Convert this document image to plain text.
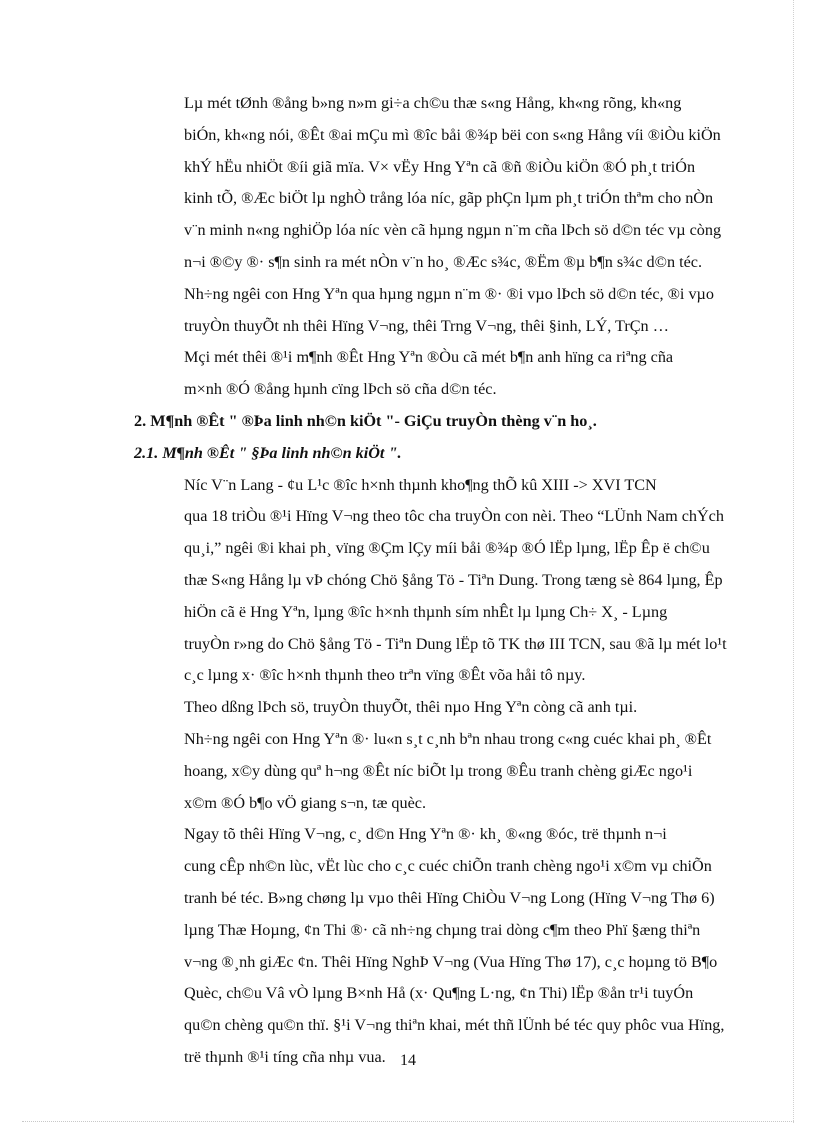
Lµ mét tØnh ®ång b»ng n»m gi÷a ch©u thæ s«ng Hång, kh«ng rõng, kh«ng
biÓn, kh«ng nói, ®Êt ®ai mÇu mì ®îc båi ®¾p bëi con s«ng Hång víi ®iÒu kiÖn
khÝ hËu nhiÖt ®íi giã mïa. V× vËy Hng Yªn cã ®ñ ®iÒu kiÖn ®Ó ph¸t triÓn
kinh tÕ, ®Æc biÖt lµ nghÒ trång lóa níc, gãp phÇn lµm ph¸t triÓn thªm cho nÒn
v¨n minh n«ng nghiÖp lóa níc vèn cã hµng ngµn n¨m cña lÞch sö d©n téc vµ còng
n¬i ®©y ®· s¶n sinh ra mét nÒn v¨n ho¸ ®Æc s¾c, ®Ëm ®µ b¶n s¾c d©n téc.
Nh÷ng ngêi con Hng Yªn qua hµng ngµn n¨m ®· ®i vµo lÞch sö d©n téc, ®i vµo
truyÒn thuyÕt nh thêi Hïng V¬ng, thêi Trng V¬ng, thêi §inh, LÝ, TrÇn …
Mçi mét thêi ®¹i m¶nh ®Êt Hng Yªn ®Òu cã mét b¶n anh hïng ca riªng cña
m×nh ®Ó ®ång hµnh cïng lÞch sö cña d©n téc.
2. M¶nh ®Êt " ®Þa linh nh©n kiÖt "- GiÇu truyÒn thèng v¨n ho¸.
2.1. M¶nh ®Êt " §Þa linh nh©n kiÖt ".
Níc V¨n Lang - ¢u L¹c ®îc h×nh thµnh kho¶ng thÕ kû XIII -> XVI TCN
qua 18 triÒu ®¹i Hïng V¬ng theo tôc cha truyÒn con nèi. Theo “LÜnh Nam chÝch
qu¸i,” ngêi ®i khai ph¸ vïng ®Çm lÇy míi båi ®¾p ®Ó lËp lµng, lËp Êp ë ch©u
thæ S«ng Hång lµ vÞ chóng Chö §ång Tö - Tiªn Dung. Trong tæng sè 864 lµng, Êp
hiÖn cã ë Hng Yªn, lµng ®îc h×nh thµnh sím nhÊt lµ lµng Ch÷ X¸ - Lµng
truyÒn r»ng do Chö §ång Tö - Tiªn Dung lËp tõ TK thø III TCN, sau ®ã lµ mét lo¹t
c¸c lµng x· ®îc h×nh thµnh theo trªn vïng ®Êt võa håi tô nµy.
Theo dßng lÞch sö, truyÒn thuyÕt, thêi nµo Hng Yªn còng cã anh tµi.
Nh÷ng ngêi con Hng Yªn ®· lu«n s¸t c¸nh bªn nhau trong c«ng cuéc khai ph¸ ®Êt
hoang, x©y dùng quª h¬ng ®Êt níc biÕt lµ trong ®Êu tranh chèng giÆc ngo¹i
x©m ®Ó b¶o vÖ giang s¬n, tæ quèc.
Ngay tõ thêi Hïng V¬ng, c¸ d©n Hng Yªn ®· kh¸ ®«ng ®óc, trë thµnh n¬i
cung cÊp nh©n lùc, vËt lùc cho c¸c cuéc chiÕn tranh chèng ngo¹i x©m vµ chiÕn
tranh bé téc. B»ng chøng lµ vµo thêi Hïng ChiÒu V¬ng Long (Hïng V¬ng Thø 6)
lµng Thæ Hoµng, ¢n Thi ®· cã nh÷ng chµng trai dòng c¶m theo Phï §æng thiªn
v¬ng ®¸nh giÆc ¢n. Thêi Hïng NghÞ V¬ng (Vua Hïng Thø 17), c¸c hoµng tö B¶o
Quèc, ch©u Vâ vÒ lµng B×nh Hå (x· Qu¶ng L·ng, ¢n Thi) lËp ®ån tr¹i tuyÓn
qu©n chèng qu©n thï. §¹i V¬ng thiªn khai, mét thñ lÜnh bé téc quy phôc vua Hïng,
trë thµnh ®¹i tíng cña nhµ vua. 14
